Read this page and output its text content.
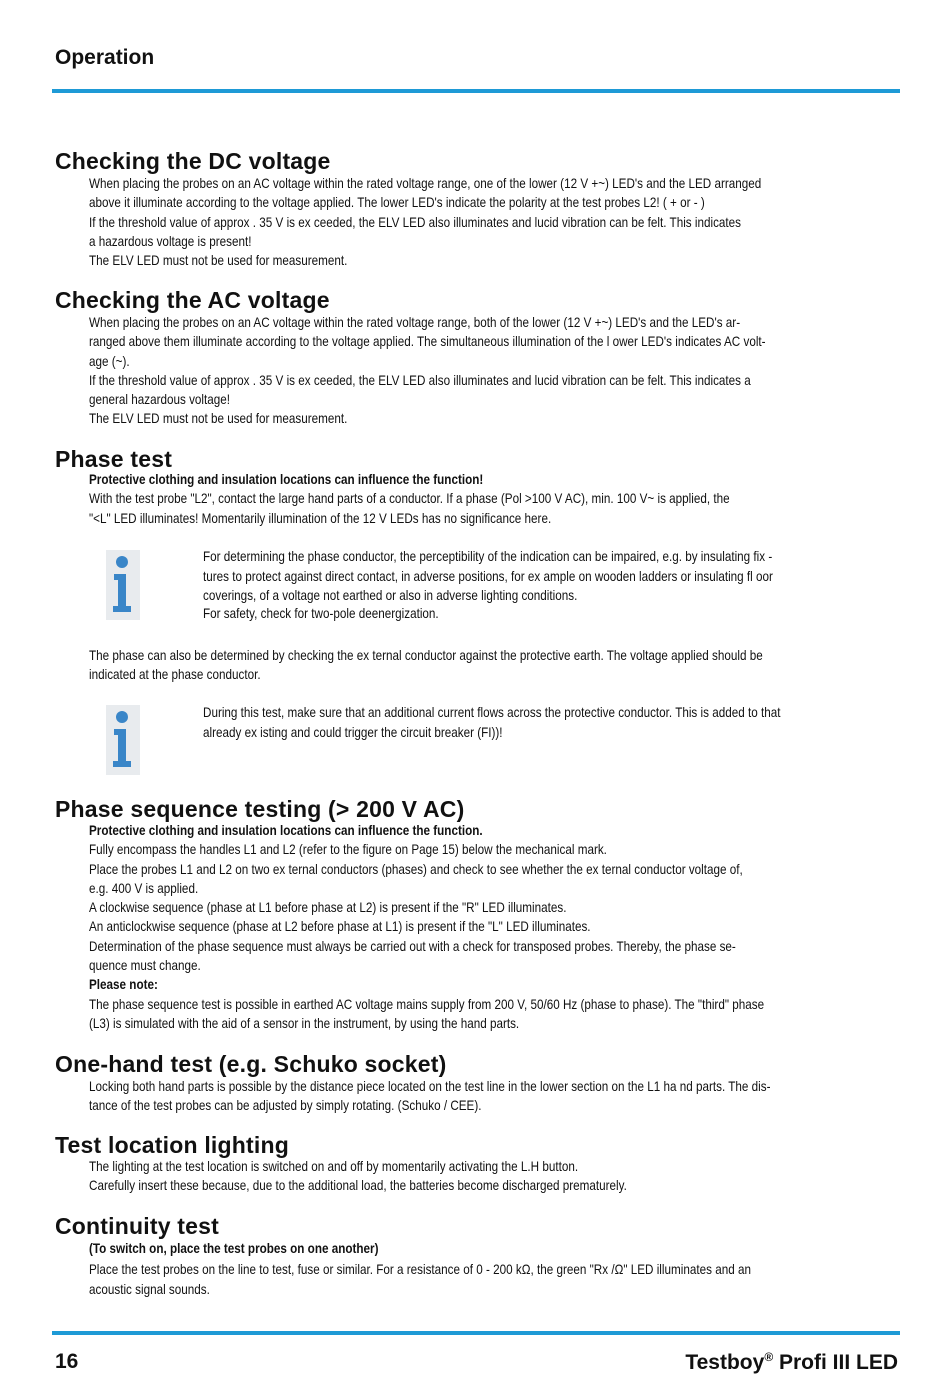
Operation
Checking the DC voltage
When placing the probes on an AC voltage within the rated voltage range, one of the lower (12 V +~) LED's and the LED arranged
above it illuminate according to the voltage applied. The lower LED's indicate the polarity at the test probes L2! ( + or - )
If the threshold value of approx . 35 V is ex ceeded, the ELV LED also illuminates and lucid vibration can be felt. This indicates
a hazardous voltage is present!
The ELV LED must not be used for measurement.
Checking the AC voltage
When placing the probes on an AC voltage within the rated voltage range, both of the lower (12 V +~) LED's and the LED's ar-
ranged above them illuminate according to the voltage applied. The simultaneous illumination of the l ower LED's indicates AC volt-
age (~).
If the threshold value of approx . 35 V is ex ceeded, the ELV LED also illuminates and lucid vibration can be felt. This indicates a
general hazardous voltage!
The ELV LED must not be used for measurement.
Phase test
Protective clothing and insulation locations can influence the function!
With the test probe "L2", contact the large hand parts of a conductor. If a phase (Pol >100 V AC), min. 100 V~ is applied, the
"<L" LED illuminates! Momentarily illumination of the 12 V LEDs has no significance here.
For determining the phase conductor, the perceptibility of the indication can be impaired, e.g. by insulating fix -
tures to protect against direct contact, in adverse positions, for ex ample on wooden ladders or insulating fl oor
coverings, of a voltage not earthed or also in adverse lighting conditions.
For safety, check for two-pole deenergization.
The phase can also be determined by checking the ex ternal conductor against the protective earth. The voltage applied should be
indicated at the phase conductor.
During this test, make sure that an additional current flows across the protective conductor. This is added to that
already ex isting and could trigger the circuit breaker (FI))!
Phase sequence testing (> 200 V AC)
Protective clothing and insulation locations can influence the function.
Fully encompass the handles L1 and L2 (refer to the figure on Page 15) below the mechanical mark.
Place the probes L1 and L2 on two ex ternal conductors (phases) and check to see whether the ex ternal conductor voltage of,
e.g. 400 V is applied.
A clockwise sequence (phase at L1 before phase at L2) is present if the "R" LED illuminates.
An anticlockwise sequence (phase at L2 before phase at L1) is present if the "L" LED illuminates.
Determination of the phase sequence must always be carried out with a check for transposed probes. Thereby, the phase se-
quence must change.
Please note:
The phase sequence test is possible in earthed AC voltage mains supply from 200 V, 50/60 Hz (phase to phase). The "third" phase
(L3) is simulated with the aid of a sensor in the instrument, by using the hand parts.
One-hand test (e.g. Schuko socket)
Locking both hand parts is possible by the distance piece located on the test line in the lower section on the L1 ha nd parts. The dis-
tance of the test probes can be adjusted by simply rotating. (Schuko / CEE).
Test location lighting
The lighting at the test location is switched on and off by momentarily activating the L.H button.
Carefully insert these because, due to the additional load, the batteries become discharged prematurely.
Continuity test
(To switch on, place the test probes on one another)
Place the test probes on the line to test, fuse or similar. For a resistance of 0 - 200 kΩ, the green "Rx /Ω" LED illuminates and an
acoustic signal sounds.
16	Testboy® Profi III LED
